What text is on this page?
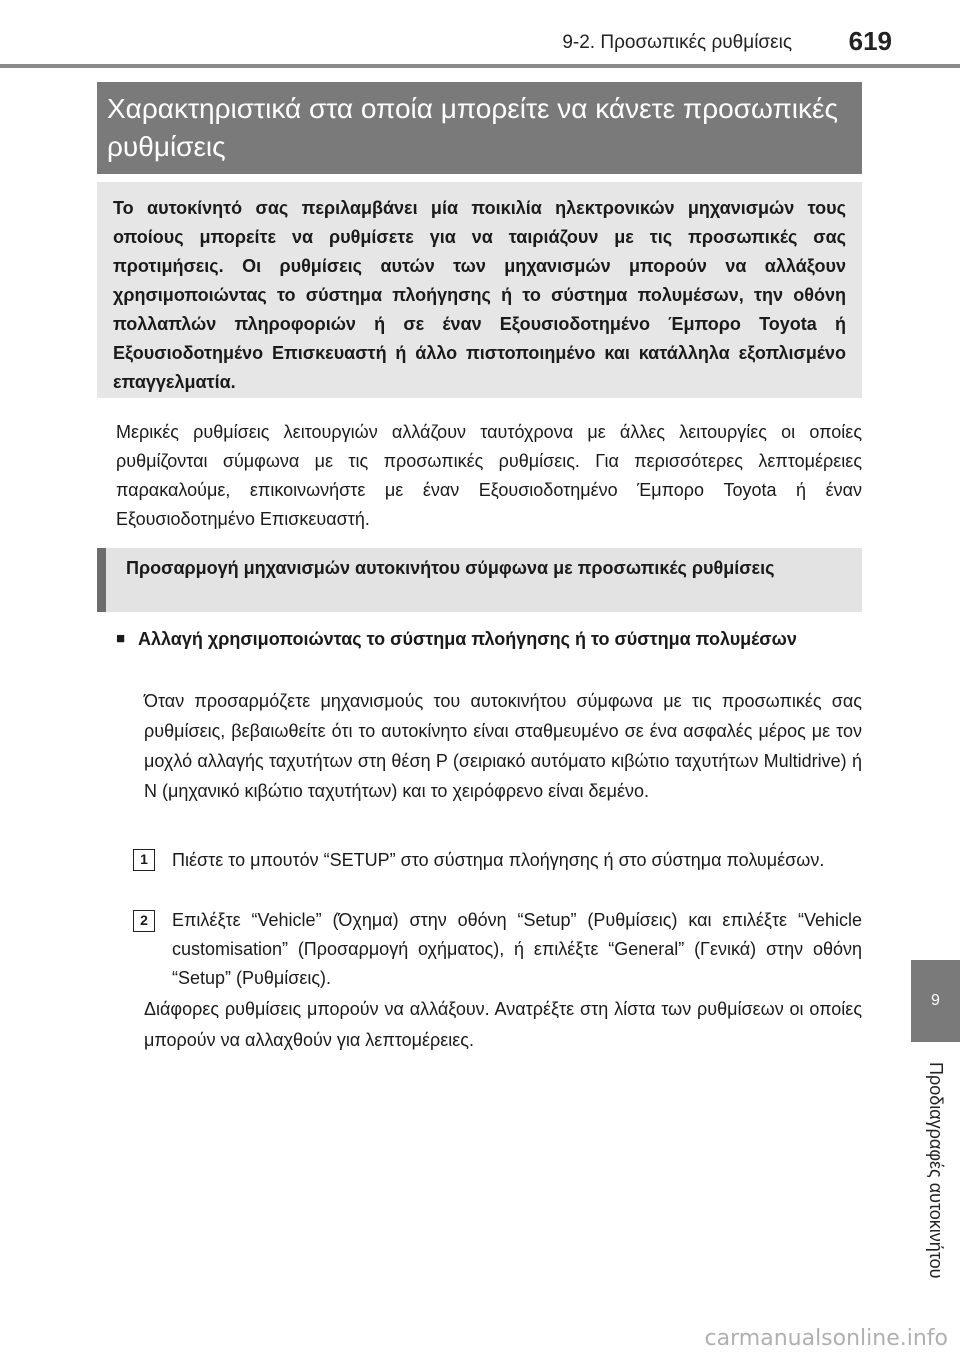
9-2. Προσωπικές ρυθμίσεις 619
Χαρακτηριστικά στα οποία μπορείτε να κάνετε προσωπικές ρυθμίσεις
Το αυτοκίνητό σας περιλαμβάνει μία ποικιλία ηλεκτρονικών μηχανισμών τους οποίους μπορείτε να ρυθμίσετε για να ταιριάζουν με τις προσωπικές σας προτιμήσεις. Οι ρυθμίσεις αυτών των μηχανισμών μπορούν να αλλάξουν χρησιμοποιώντας το σύστημα πλοήγησης ή το σύστημα πολυμέσων, την οθόνη πολλαπλών πληροφοριών ή σε έναν Εξουσιοδοτημένο Έμπορο Toyota ή Εξουσιοδοτημένο Επισκευαστή ή άλλο πιστοποιημένο και κατάλληλα εξοπλισμένο επαγγελματία.
Μερικές ρυθμίσεις λειτουργιών αλλάζουν ταυτόχρονα με άλλες λειτουργίες οι οποίες ρυθμίζονται σύμφωνα με τις προσωπικές ρυθμίσεις. Για περισσότερες λεπτομέρειες παρακαλούμε, επικοινωνήστε με έναν Εξουσιοδοτημένο Έμπορο Toyota ή έναν Εξουσιοδοτημένο Επισκευαστή.
Προσαρμογή μηχανισμών αυτοκινήτου σύμφωνα με προσωπικές ρυθμίσεις
■ Αλλαγή χρησιμοποιώντας το σύστημα πλοήγησης ή το σύστημα πολυμέσων
Όταν προσαρμόζετε μηχανισμούς του αυτοκινήτου σύμφωνα με τις προσωπικές σας ρυθμίσεις, βεβαιωθείτε ότι το αυτοκίνητο είναι σταθμευμένο σε ένα ασφαλές μέρος με τον μοχλό αλλαγής ταχυτήτων στη θέση P (σειριακό αυτόματο κιβώτιο ταχυτήτων Multidrive) ή N (μηχανικό κιβώτιο ταχυτήτων) και το χειρόφρενο είναι δεμένο.
1	Πιέστε το μπουτόν “SETUP” στο σύστημα πλοήγησης ή στο σύστημα πολυμέσων.
2	Επιλέξτε “Vehicle” (Όχημα) στην οθόνη “Setup” (Ρυθμίσεις) και επιλέξτε “Vehicle customisation” (Προσαρμογή οχήματος), ή επιλέξτε “General” (Γενικά) στην οθόνη “Setup” (Ρυθμίσεις).
Διάφορες ρυθμίσεις μπορούν να αλλάξουν. Ανατρέξτε στη λίστα των ρυθμίσεων οι οποίες μπορούν να αλλαχθούν για λεπτομέρειες.
9
Προδιαγραφές αυτοκινήτου
carmanualsonline.info
